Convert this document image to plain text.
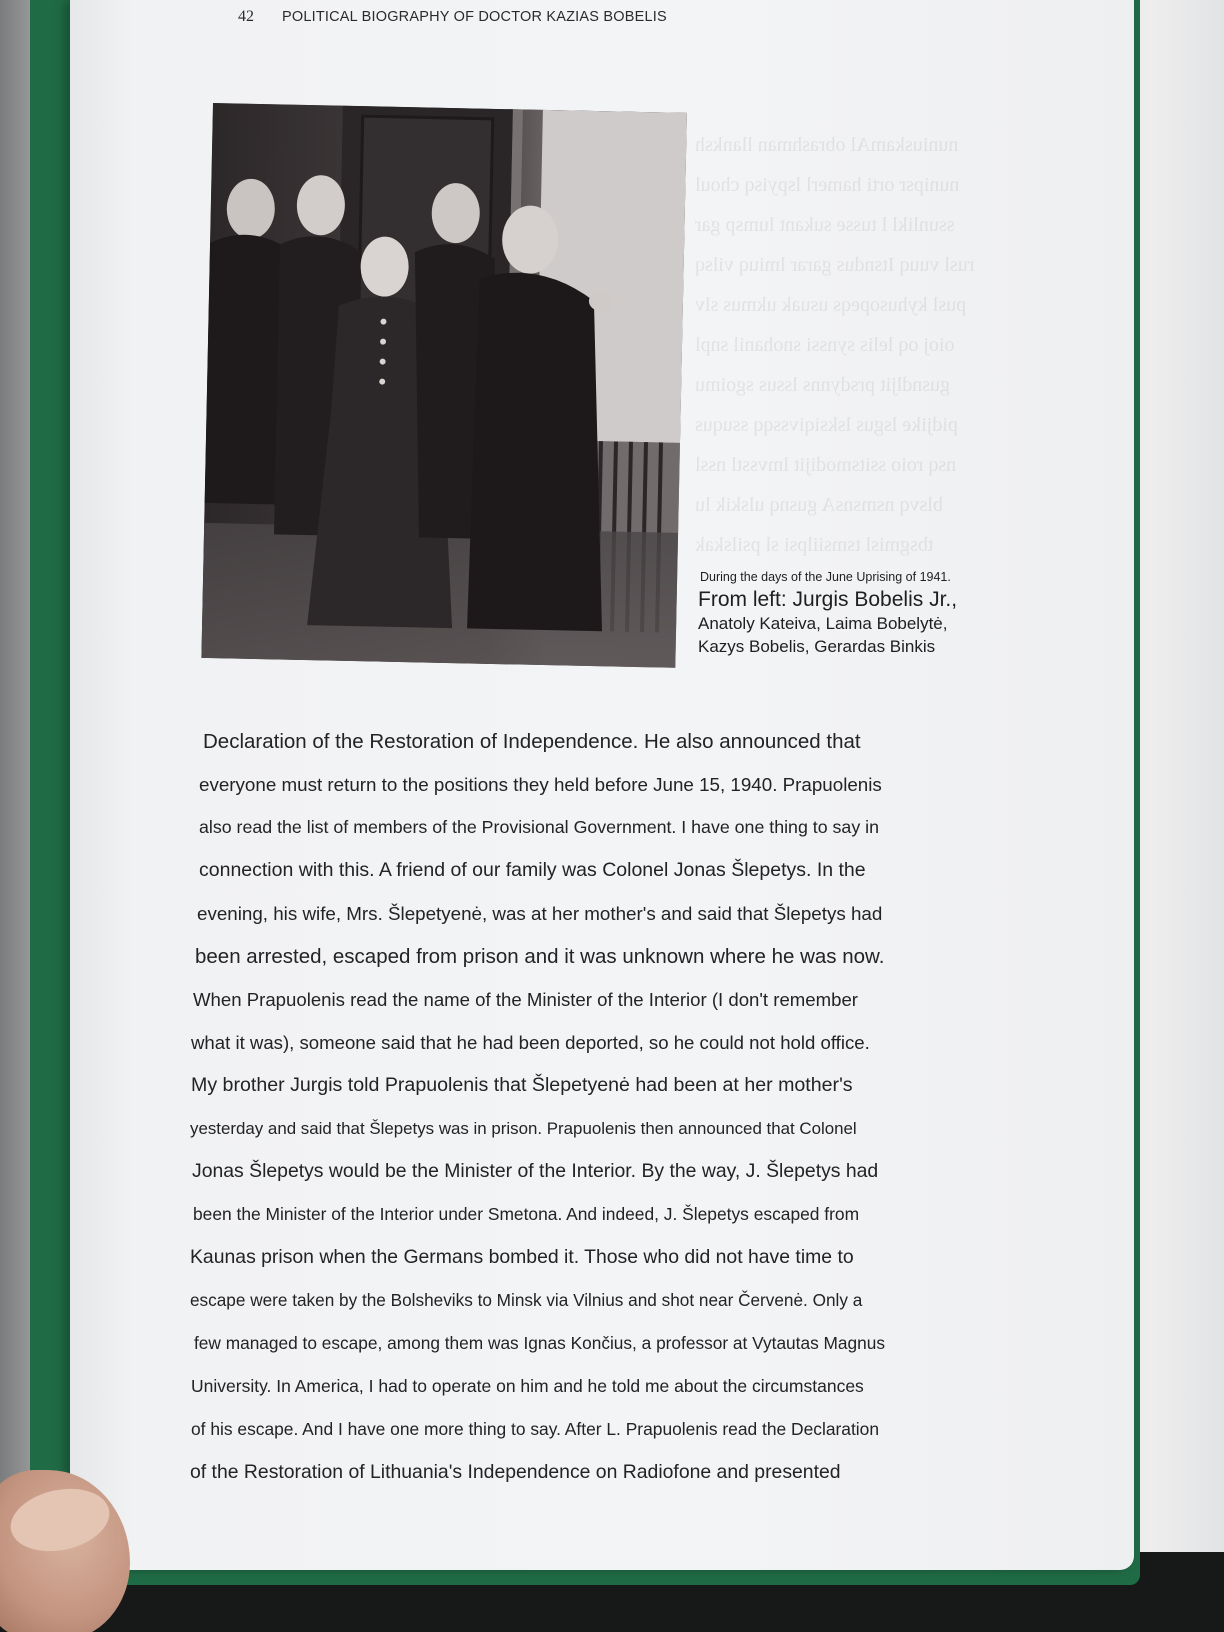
nuniuskamAl obrashman llanksh
nunipsr orti hamerl lspyisq choul
ssunlikl l tusse sukant lumsp gar
rusl vuuq Itsndus garar lmiuq vilsq
pusl kyhusopeqs usuak ukmus slv
oioj oq lelis synssi snohanil snpl
gusndljit prsdynns lssus sgoimu
pidjike lsgus lsksiqivssqq ssuqus
nsq roio ssitsmodijit lmvsstl nssl
blsvq nsmsnsA gusnq ulskik lu
tbsgmisl tsmsiilpsi sl psilskak
42 POLITICAL BIOGRAPHY OF DOCTOR KAZIAS BOBELIS
During the days of the June Uprising of 1941.
From left: Jurgis Bobelis Jr.,
Anatoly Kateiva, Laima Bobelytė,
Kazys Bobelis, Gerardas Binkis
Declaration of the Restoration of Independence. He also announced that
everyone must return to the positions they held before June 15, 1940. Prapuolenis
also read the list of members of the Provisional Government. I have one thing to say in
connection with this. A friend of our family was Colonel Jonas Šlepetys. In the
evening, his wife, Mrs. Šlepetyenė, was at her mother's and said that Šlepetys had
been arrested, escaped from prison and it was unknown where he was now.
When Prapuolenis read the name of the Minister of the Interior (I don't remember
what it was), someone said that he had been deported, so he could not hold office.
My brother Jurgis told Prapuolenis that Šlepetyenė had been at her mother's
yesterday and said that Šlepetys was in prison. Prapuolenis then announced that Colonel
Jonas Šlepetys would be the Minister of the Interior. By the way, J. Šlepetys had
been the Minister of the Interior under Smetona. And indeed, J. Šlepetys escaped from
Kaunas prison when the Germans bombed it. Those who did not have time to
escape were taken by the Bolsheviks to Minsk via Vilnius and shot near Červenė. Only a
few managed to escape, among them was Ignas Končius, a professor at Vytautas Magnus
University. In America, I had to operate on him and he told me about the circumstances
of his escape. And I have one more thing to say. After L. Prapuolenis read the Declaration
of the Restoration of Lithuania's Independence on Radiofone and presented
